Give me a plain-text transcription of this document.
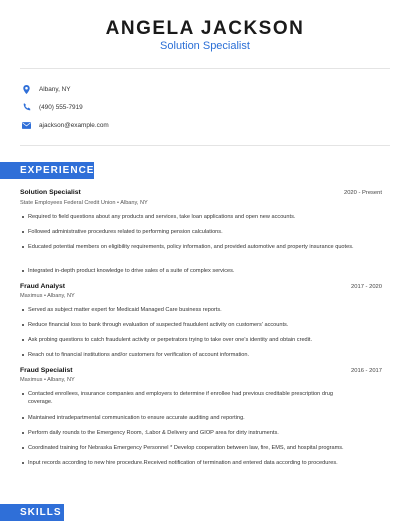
ANGELA JACKSON
Solution Specialist
Albany, NY
(490) 555-7919
ajackson@example.com
EXPERIENCE
Solution Specialist	2020 - Present
State Employees Federal Credit Union • Albany, NY
Required to field questions about any products and services, take loan applications and open new accounts.
Followed administrative procedures related to performing pension calculations.
Educated potential members on eligibility requirements, policy information, and provided automotive and property insurance quotes.
Integrated in-depth product knowledge to drive sales of a suite of complex services.
Fraud Analyst	2017 - 2020
Maximus • Albany, NY
Served as subject matter expert for Medicaid Managed Care business reports.
Reduce financial loss to bank through evaluation of suspected fraudulent activity on customers' accounts.
Ask probing questions to catch fraudulent activity or perpetrators trying to take over one's identity and obtain credit.
Reach out to financial institutions and/or customers for verification of account information.
Fraud Specialist	2016 - 2017
Maximus • Albany, NY
Contacted enrollees, insurance companies and employers to determine if enrollee had previous creditable prescription drug coverage.
Maintained intradepartmental communication to ensure accurate auditing and reporting.
Perform daily rounds to the Emergency Room, :Labor & Delivery and GIOP area for dirty instruments.
Coordinated training for Nebraska Emergency Personnel * Develop cooperation between law, fire, EMS, and hospital programs.
Input records according to new hire procedure.Received notification of termination and entered data according to procedures.
SKILLS
